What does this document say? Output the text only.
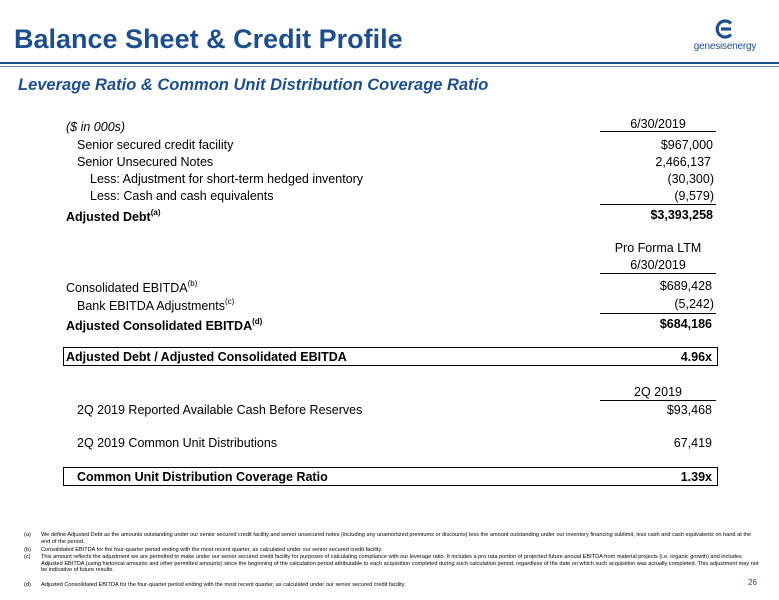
Balance Sheet & Credit Profile	genesisenergy
Leverage Ratio & Common Unit Distribution Coverage Ratio
($ in 000s)	6/30/2019
Senior secured credit facility	$967,000
Senior Unsecured Notes	2,466,137
Less: Adjustment for short-term hedged inventory	(30,300)
Less: Cash and cash equivalents	(9,579)
Adjusted Debt$^{(a)}$	$3,393,258
Pro Forma LTM
6/30/2019
Consolidated EBITDA$^{(b)}$	$689,428
Bank EBITDA Adjustments$^{(c)}$	(5,242)
Adjusted Consolidated EBITDA$^{(d)}$	$684,186
Adjusted Debt / Adjusted Consolidated EBITDA	4.96x
2Q 2019
2Q 2019 Reported Available Cash Before Reserves	$93,468
2Q 2019 Common Unit Distributions	67,419
Common Unit Distribution Coverage Ratio	1.39x
(a) We define Adjusted Debt as the amounts outstanding under our senior secured credit facility and senior unsecured notes (including any unamortized premiums or discounts) less the amount outstanding under our inventory financing sublimit, less cash and cash equivalents on hand at the end of the period.
(b) Consolidated EBITDA for the four-quarter period ending with the most recent quarter, as calculated under our senior secured credit facility.
(c) This amount reflects the adjustment we are permitted to make under our senior secured credit facility for purposes of calculating compliance with our leverage ratio. It includes a pro rata portion of projected future annual EBITDA from material projects (i.e. organic growth) and includes Adjusted EBITDA (using historical amounts and other permitted amounts) since the beginning of the calculation period attributable to each acquisition completed during such calculation period, regardless of the date on which such acquisition was actually completed. This adjustment may not be indicative of future results.
(d) Adjusted Consolidated EBITDA for the four-quarter period ending with the most recent quarter, as calculated under our senior secured credit facility.	26
